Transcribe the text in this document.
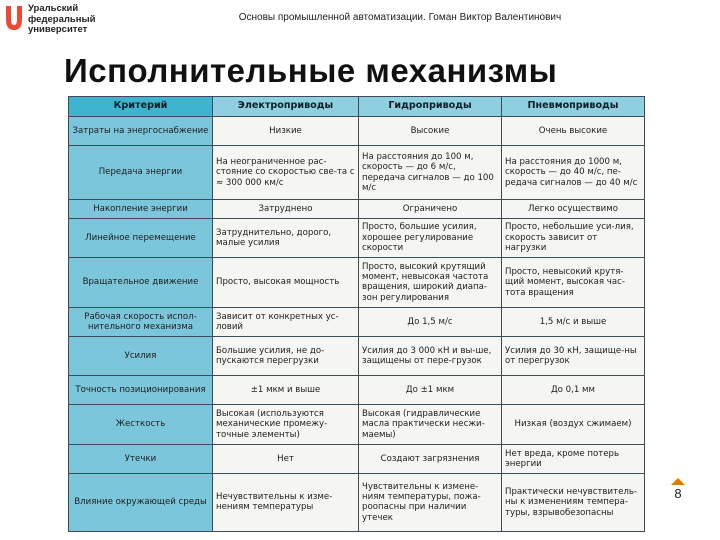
Уральский
федеральный
университет
Основы промышленной автоматизации. Гоман Виктор Валентинович
Исполнительные механизмы
Критерий	Электроприводы	Гидроприводы	Пневмоприводы
Затраты на энергоснабжение	Низкие	Высокие	Очень высокие
Передача энергии	На неограниченное рас-стояние со скоростью све-та с ≈ 300 000 км/с	На расстояния до 100 м, скорость — до 6 м/с, передача сигналов — до 100 м/с	На расстояния до 1000 м, скорость — до 40 м/с, пе-редача сигналов — до 40 м/с
Накопление энергии	Затруднено	Ограничено	Легко осуществимо
Линейное перемещение	Затруднительно, дорого, малые усилия	Просто, большие усилия, хорошее регулирование скорости	Просто, небольшие уси-лия, скорость зависит от нагрузки
Вращательное движение	Просто, высокая мощность	Просто, высокий крутящий момент, невысокая частота вращения, широкий диапа-зон регулирования	Просто, невысокий крутя-щий момент, высокая час-тота вращения
Рабочая скорость испол-нительного механизма	Зависит от конкретных ус-ловий	До 1,5 м/с	1,5 м/с и выше
Усилия	Большие усилия, не до-пускаются перегрузки	Усилия до 3 000 кН и вы-ше, защищены от пере-грузок	Усилия до 30 кН, защище-ны от перегрузок
Точность позиционирования	±1 мкм и выше	До ±1 мкм	До 0,1 мм
Жесткость	Высокая (используются механические промежу-точные элементы)	Высокая (гидравлические масла практически несжи-маемы)	Низкая (воздух сжимаем)
Утечки	Нет	Создают загрязнения	Нет вреда, кроме потерь энергии
Влияние окружающей среды	Нечувствительны к изме-нениям температуры	Чувствительны к измене-ниям температуры, пожа-роопасны при наличии утечек	Практически нечувствитель-ны к изменениям темпера-туры, взрывобезопасны
8
